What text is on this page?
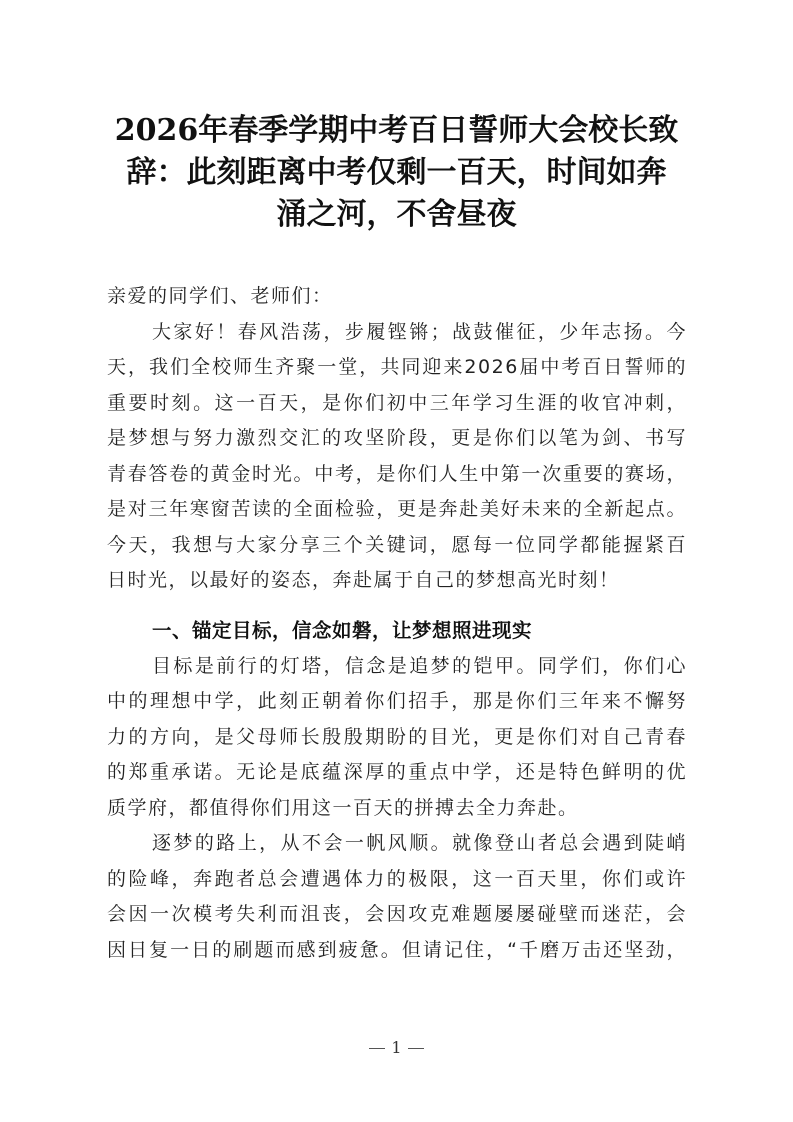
2026年春季学期中考百日誓师大会校长致
辞：此刻距离中考仅剩一百天，时间如奔
涌之河，不舍昼夜
亲爱的同学们、老师们：
大家好！春风浩荡，步履铿锵；战鼓催征，少年志扬。今
天，我们全校师生齐聚一堂，共同迎来2026届中考百日誓师的
重要时刻。这一百天，是你们初中三年学习生涯的收官冲刺，
是梦想与努力激烈交汇的攻坚阶段，更是你们以笔为剑、书写
青春答卷的黄金时光。中考，是你们人生中第一次重要的赛场，
是对三年寒窗苦读的全面检验，更是奔赴美好未来的全新起点。
今天，我想与大家分享三个关键词，愿每一位同学都能握紧百
日时光，以最好的姿态，奔赴属于自己的梦想高光时刻！
一、锚定目标，信念如磐，让梦想照进现实
目标是前行的灯塔，信念是追梦的铠甲。同学们，你们心
中的理想中学，此刻正朝着你们招手，那是你们三年来不懈努
力的方向，是父母师长殷殷期盼的目光，更是你们对自己青春
的郑重承诺。无论是底蕴深厚的重点中学，还是特色鲜明的优
质学府，都值得你们用这一百天的拼搏去全力奔赴。
逐梦的路上，从不会一帆风顺。就像登山者总会遇到陡峭
的险峰，奔跑者总会遭遇体力的极限，这一百天里，你们或许
会因一次模考失利而沮丧，会因攻克难题屡屡碰壁而迷茫，会
因日复一日的刷题而感到疲惫。但请记住，“千磨万击还坚劲，
1
